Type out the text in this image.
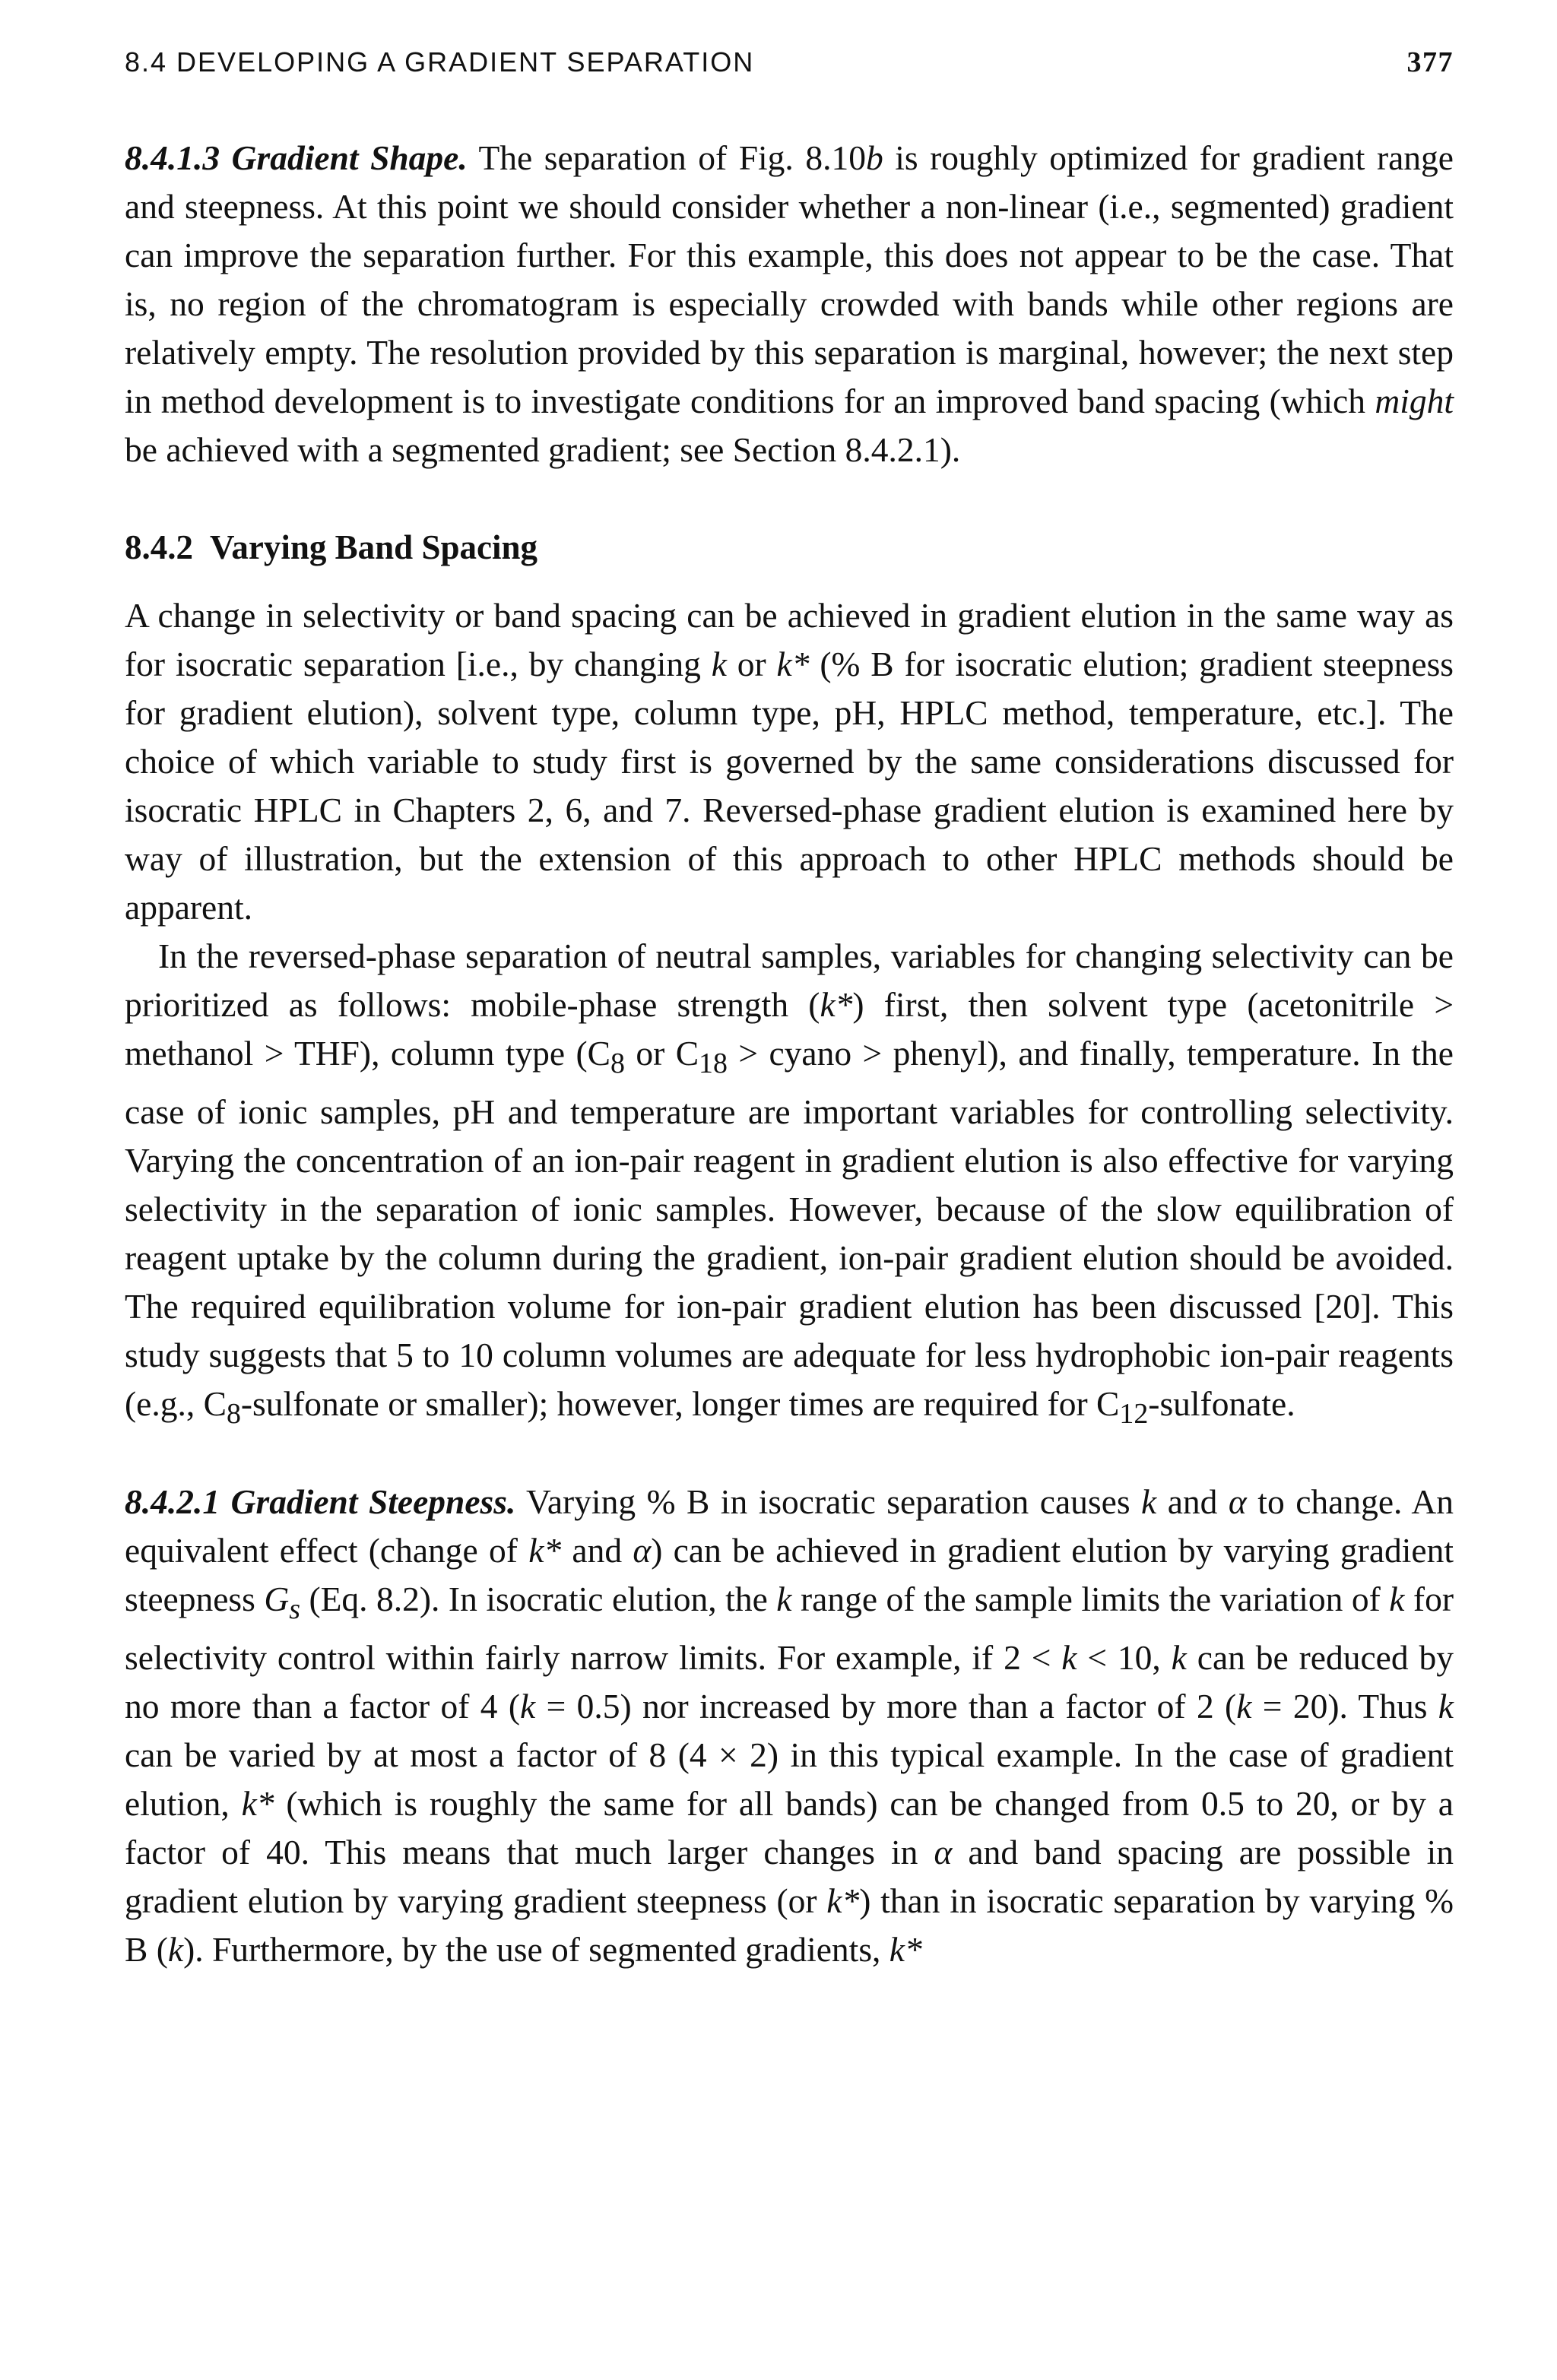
8.4 DEVELOPING A GRADIENT SEPARATION	377

8.4.1.3 Gradient Shape. The separation of Fig. 8.10b is roughly optimized for gradient range and steepness. At this point we should consider whether a non-linear (i.e., segmented) gradient can improve the separation further. For this example, this does not appear to be the case. That is, no region of the chromatogram is especially crowded with bands while other regions are relatively empty. The resolution provided by this separation is marginal, however; the next step in method development is to investigate conditions for an improved band spacing (which might be achieved with a segmented gradient; see Section 8.4.2.1).

8.4.2 Varying Band Spacing

A change in selectivity or band spacing can be achieved in gradient elution in the same way as for isocratic separation [i.e., by changing k or k* (% B for isocratic elution; gradient steepness for gradient elution), solvent type, column type, pH, HPLC method, temperature, etc.]. The choice of which variable to study first is governed by the same considerations discussed for isocratic HPLC in Chapters 2, 6, and 7. Reversed-phase gradient elution is examined here by way of illustration, but the extension of this approach to other HPLC methods should be apparent.

In the reversed-phase separation of neutral samples, variables for changing selectivity can be prioritized as follows: mobile-phase strength (k*) first, then solvent type (acetonitrile > methanol > THF), column type ($C_8$ or $C_{18}$ > cyano > phenyl), and finally, temperature. In the case of ionic samples, pH and temperature are important variables for controlling selectivity. Varying the concentration of an ion-pair reagent in gradient elution is also effective for varying selectivity in the separation of ionic samples. However, because of the slow equilibration of reagent uptake by the column during the gradient, ion-pair gradient elution should be avoided. The required equilibration volume for ion-pair gradient elution has been discussed [20]. This study suggests that 5 to 10 column volumes are adequate for less hydrophobic ion-pair reagents (e.g., $C_8$-sulfonate or smaller); however, longer times are required for $C_{12}$-sulfonate.

8.4.2.1 Gradient Steepness. Varying % B in isocratic separation causes k and α to change. An equivalent effect (change of k* and α) can be achieved in gradient elution by varying gradient steepness $G_s$ (Eq. 8.2). In isocratic elution, the k range of the sample limits the variation of k for selectivity control within fairly narrow limits. For example, if 2 < k < 10, k can be reduced by no more than a factor of 4 (k = 0.5) nor increased by more than a factor of 2 (k = 20). Thus k can be varied by at most a factor of 8 (4 × 2) in this typical example. In the case of gradient elution, k* (which is roughly the same for all bands) can be changed from 0.5 to 20, or by a factor of 40. This means that much larger changes in α and band spacing are possible in gradient elution by varying gradient steepness (or k*) than in isocratic separation by varying % B (k). Furthermore, by the use of segmented gradients, k*
